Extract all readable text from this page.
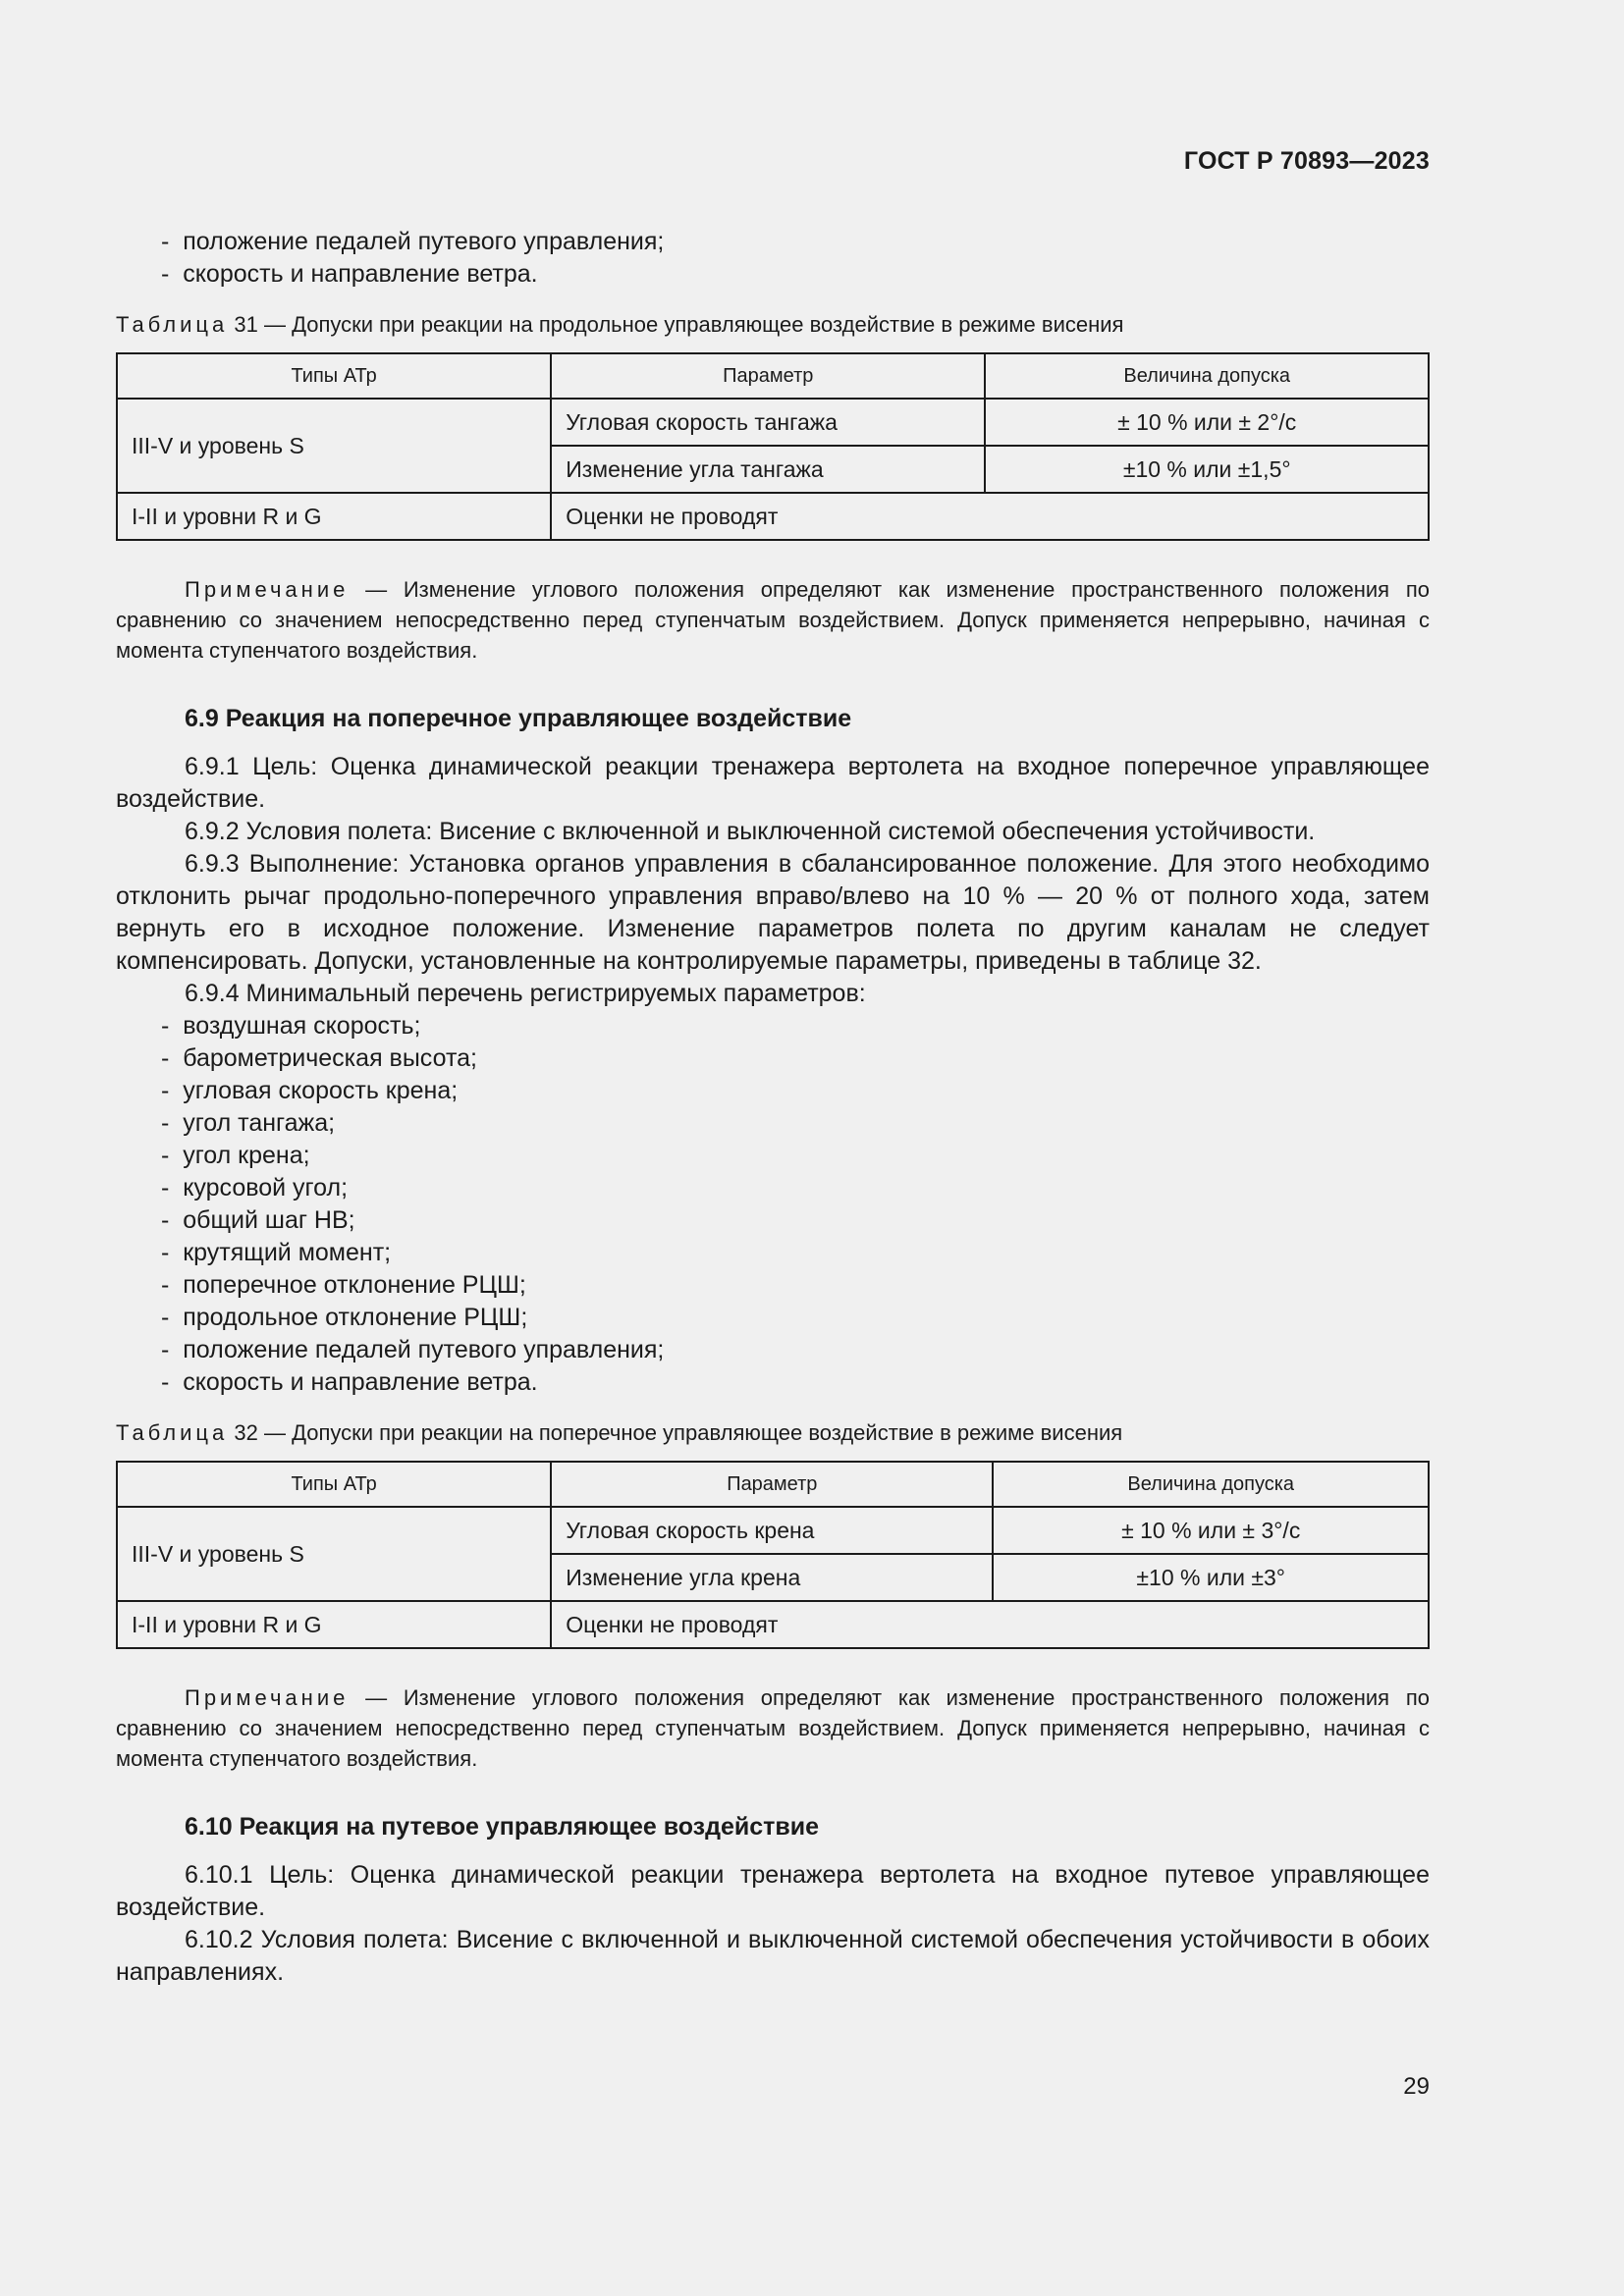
ГОСТ Р 70893—2023
-  положение педалей путевого управления;
-  скорость и направление ветра.
Таблица 31 — Допуски при реакции на продольное управляющее воздействие в режиме висения
Типы АТр	Параметр	Величина допуска
III-V и уровень S	Угловая скорость тангажа	± 10 % или ± 2°/с
	Изменение угла тангажа	±10 % или ±1,5°
I-II и уровни R и G	Оценки не проводят	
Примечание — Изменение углового положения определяют как изменение пространственного положения по сравнению со значением непосредственно перед ступенчатым воздействием. Допуск применяется непрерывно, начиная с момента ступенчатого воздействия.
6.9 Реакция на поперечное управляющее воздействие

6.9.1 Цель: Оценка динамической реакции тренажера вертолета на входное поперечное управляющее воздействие.

6.9.2 Условия полета: Висение с включенной и выключенной системой обеспечения устойчивости.

6.9.3 Выполнение: Установка органов управления в сбалансированное положение. Для этого необходимо отклонить рычаг продольно-поперечного управления вправо/влево на 10 % — 20 % от полного хода, затем вернуть его в исходное положение. Изменение параметров полета по другим каналам не следует компенсировать. Допуски, установленные на контролируемые параметры, приведены в таблице 32.

6.9.4 Минимальный перечень регистрируемых параметров:

-  воздушная скорость;
-  барометрическая высота;
-  угловая скорость крена;
-  угол тангажа;
-  угол крена;
-  курсовой угол;
-  общий шаг НВ;
-  крутящий момент;
-  поперечное отклонение РЦШ;
-  продольное отклонение РЦШ;
-  положение педалей путевого управления;
-  скорость и направление ветра.
Таблица 32 — Допуски при реакции на поперечное управляющее воздействие в режиме висения
Типы АТр	Параметр	Величина допуска
III-V и уровень S	Угловая скорость крена	± 10 % или ± 3°/с
	Изменение угла крена	±10 % или ±3°
I-II и уровни R и G	Оценки не проводят	
Примечание — Изменение углового положения определяют как изменение пространственного положения по сравнению со значением непосредственно перед ступенчатым воздействием. Допуск применяется непрерывно, начиная с момента ступенчатого воздействия.
6.10 Реакция на путевое управляющее воздействие

6.10.1 Цель: Оценка динамической реакции тренажера вертолета на входное путевое управляющее воздействие.

6.10.2 Условия полета: Висение с включенной и выключенной системой обеспечения устойчивости в обоих направлениях.

29
